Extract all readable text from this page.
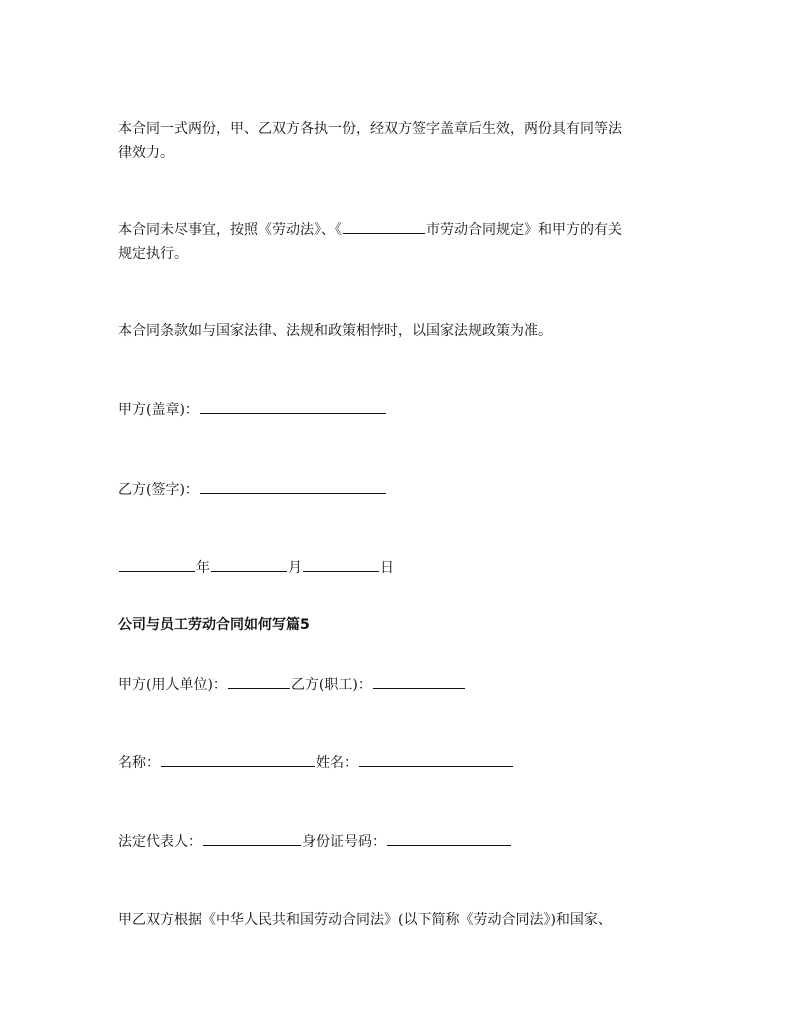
本合同一式两份，甲、乙双方各执一份，经双方签字盖章后生效，两份具有同等法
律效力。
本合同未尽事宜，按照《劳动法》、《	市劳动合同规定》和甲方的有关
规定执行。
本合同条款如与国家法律、法规和政策相悖时，以国家法规政策为准。
甲方(盖章)：
乙方(签字)：
年	月	日
公司与员工劳动合同如何写篇5
甲方(用人单位)：	乙方(职工)：
名称：	姓名：
法定代表人：	身份证号码：
甲乙双方根据《中华人民共和国劳动合同法》(以下简称《劳动合同法》)和国家、
